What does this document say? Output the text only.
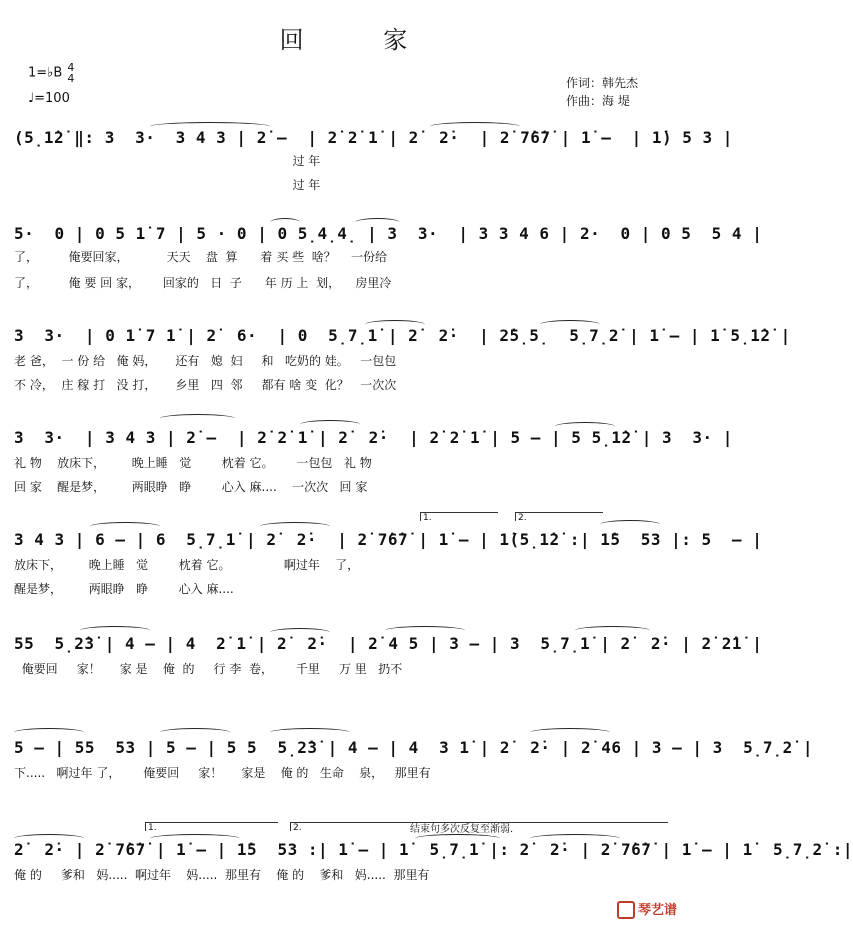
回 家
1=♭B 4
4
♩=100
作词：韩先杰
作曲：海 堤
(5̣1̇2̇ ‖: 3  3·  3 4 3 | 2̇ –  | 2̇ 2̇ 1̇ | 2̇  2̇·  | 2̇ 7̇6̇7̇ | 1̇ –  | 1̇) 5 3 |
过 年
过 年
5·  0 | 0 5 1̇ 7 | 5 · 0 | 0 5̣4̣4̣ | 3  3·  | 3 3 4 6 | 2·  0 | 0 5  5 4 |
了，        俺要回家，          天天    盘  算      着 买 些  啥？    一份给
了，        俺 要 回 家，      回家的   日  子      年 历 上  划，    房里冷
3  3·  | 0 1̇ 7 1̇ | 2̇  6·  | 0  5̣7̣1̇ | 2̇  2̇·  | 2̇5̣5̣  5̣7̣2̇ | 1̇ – | 1̇ 5̣1̇2̇ |
老 爸，  一 份 给   俺 妈，     还有   媳  妇     和   吃奶的 娃。   一包包
不 冷，  庄 稼 打   没 打，     乡里   四  邻     都有 啥 变  化？   一次次
3  3·  | 3 4 3 | 2̇ –  | 2̇ 2̇ 1̇ | 2̇  2̇·  | 2̇ 2̇ 1̇ | 5 – | 5 5̣1̇2̇ | 3  3· |
礼 物    放床下，       晚上睡   觉        枕着 它。      一包包   礼 物
回 家    醒是梦，       两眼睁   睁        心入 麻....    一次次   回 家
1.	2.
3 4 3 | 6 – | 6  5̣7̣1̇ | 2̇  2̇·  | 2̇ 7̇6̇7̇ | 1̇ – | 1̇(5̣1̇2̇ :| 1̇5  53 |: 5  – |
放床下，       晚上睡   觉        枕着 它。              啊过年    了，
醒是梦，       两眼睁   睁        心入 麻....
55  5̣2̇3̇ | 4 – | 4  2̇ 1̇ | 2̇  2̇·  | 2̇ 4 5 | 3 – | 3  5̣7̣1̇ | 2̇  2̇· | 2̇ 2̇1̇ |
俺要回     家！     家 是    俺  的     行 李  卷，      千里     万 里   扔不
5 – | 55  53 | 5 – | 5 5  5̣2̇3̇ | 4 – | 4  3 1̇ | 2̇  2̇· | 2̇ 46 | 3 – | 3  5̣7̣2̇ |
下.....   啊过年 了，      俺要回     家！     家是    俺 的   生命    泉，   那里有
1.	2.	结束句多次反复至渐弱.
2̇  2̇· | 2̇ 7̇6̇7̇ | 1̇ – | 1̇5  53 :| 1̇ – | 1̇  5̣7̣1̇ |: 2̇  2̇· | 2̇ 7̇6̇7̇ | 1̇ – | 1̇  5̣7̣2̇ :|
俺 的     爹和   妈.....  啊过年    妈.....  那里有    俺 的    爹和   妈.....  那里有
琴艺谱
